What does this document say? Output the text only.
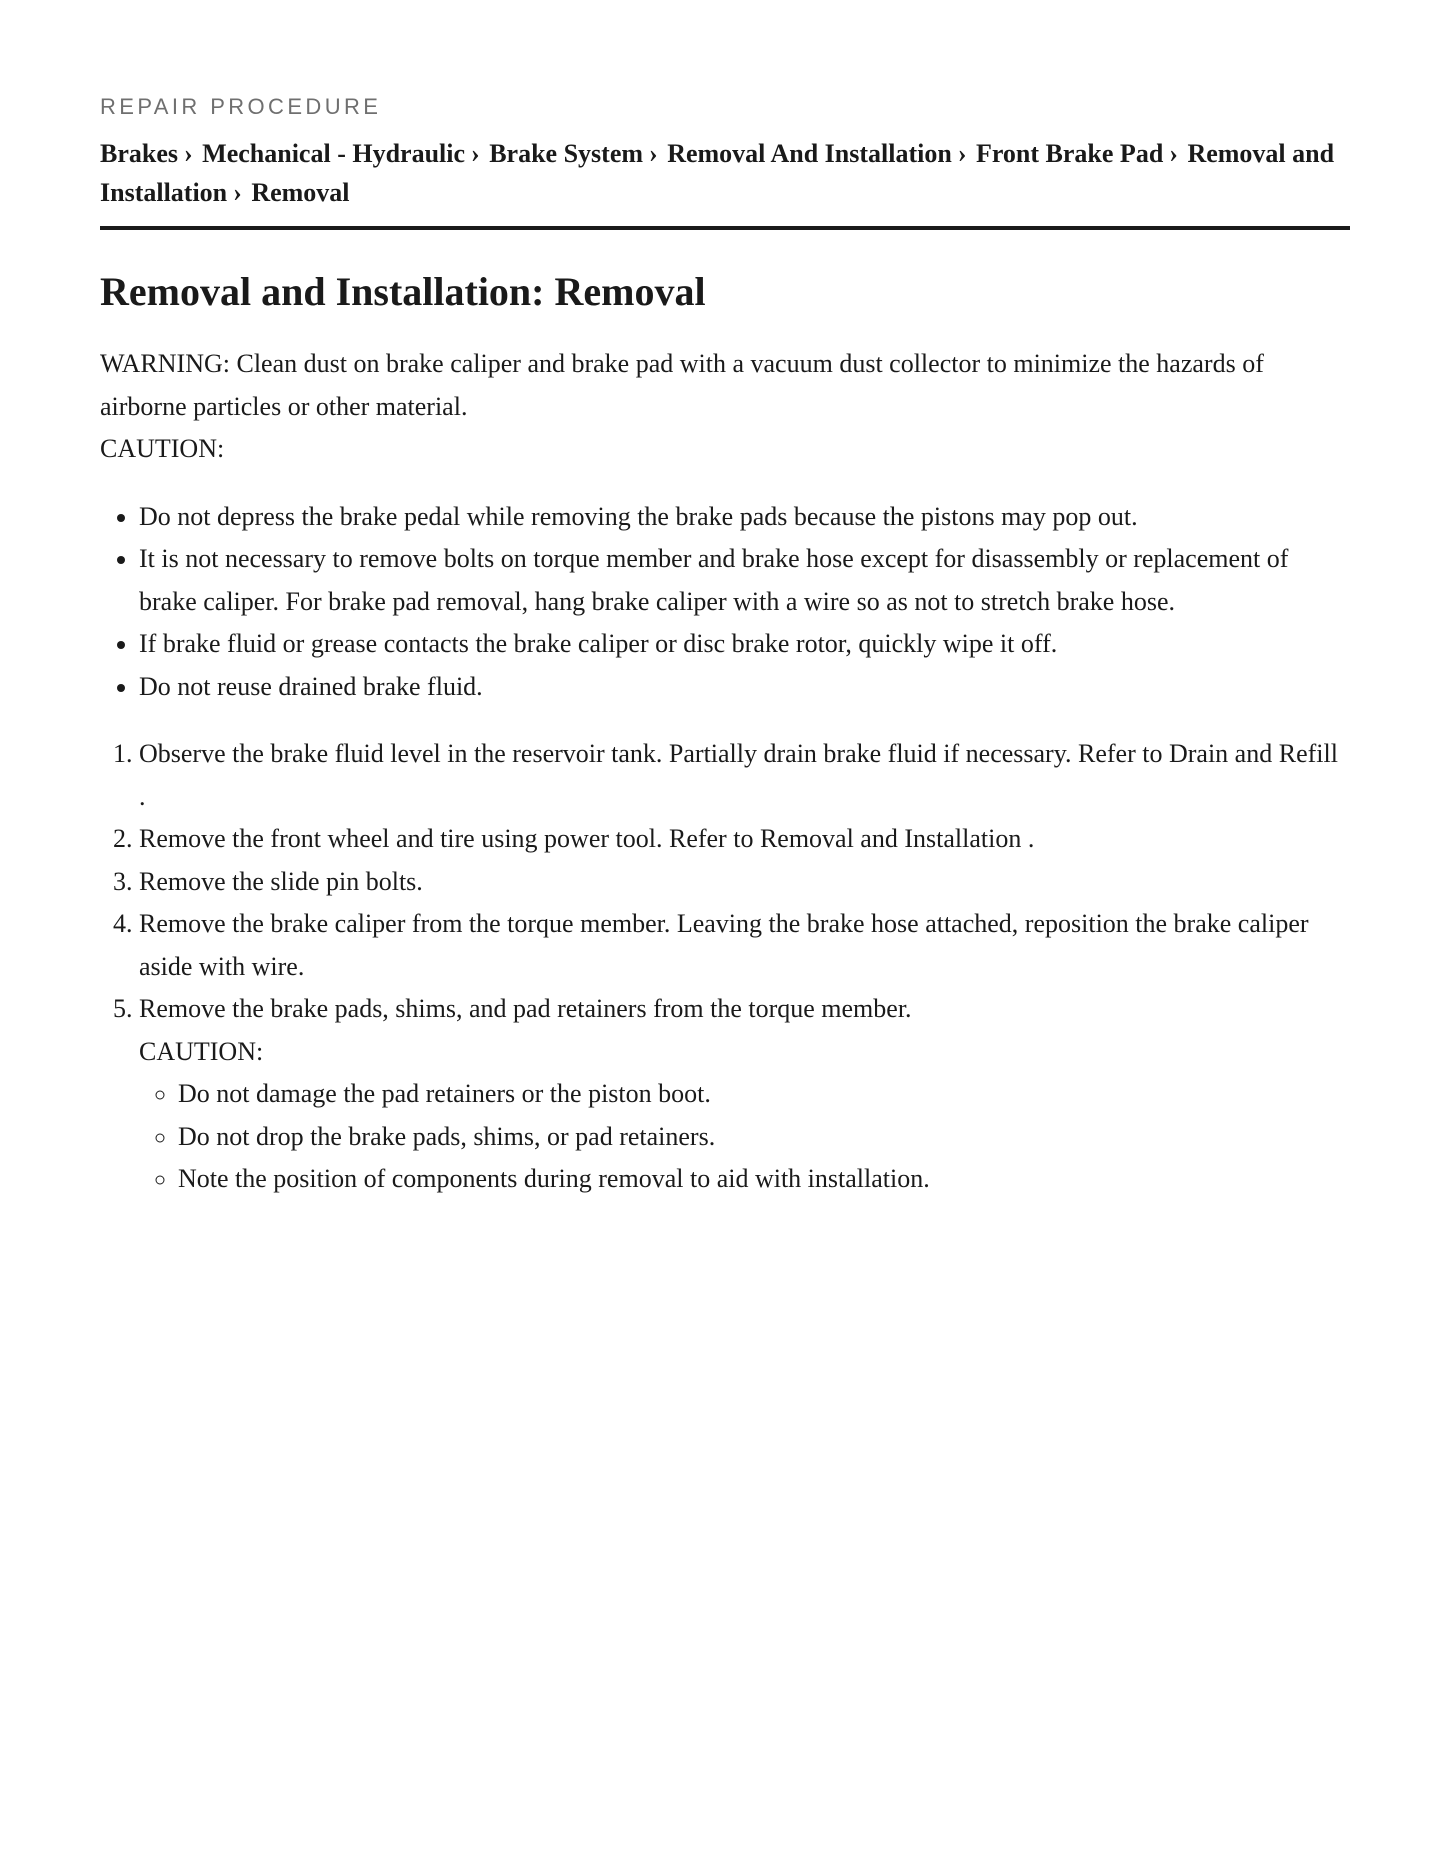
REPAIR PROCEDURE
Brakes › Mechanical - Hydraulic › Brake System › Removal And Installation › Front Brake Pad › Removal and Installation › Removal
Removal and Installation: Removal

WARNING: Clean dust on brake caliper and brake pad with a vacuum dust collector to minimize the hazards of airborne particles or other material.

CAUTION:

• Do not depress the brake pedal while removing the brake pads because the pistons may pop out.
• It is not necessary to remove bolts on torque member and brake hose except for disassembly or replacement of brake caliper. For brake pad removal, hang brake caliper with a wire so as not to stretch brake hose.
• If brake fluid or grease contacts the brake caliper or disc brake rotor, quickly wipe it off.
• Do not reuse drained brake fluid.
1. Observe the brake fluid level in the reservoir tank. Partially drain brake fluid if necessary. Refer to Drain and Refill .
2. Remove the front wheel and tire using power tool. Refer to Removal and Installation .
3. Remove the slide pin bolts.
4. Remove the brake caliper from the torque member. Leaving the brake hose attached, reposition the brake caliper aside with wire.
5. Remove the brake pads, shims, and pad retainers from the torque member.
CAUTION:
◦ Do not damage the pad retainers or the piston boot.
◦ Do not drop the brake pads, shims, or pad retainers.
◦ Note the position of components during removal to aid with installation.
